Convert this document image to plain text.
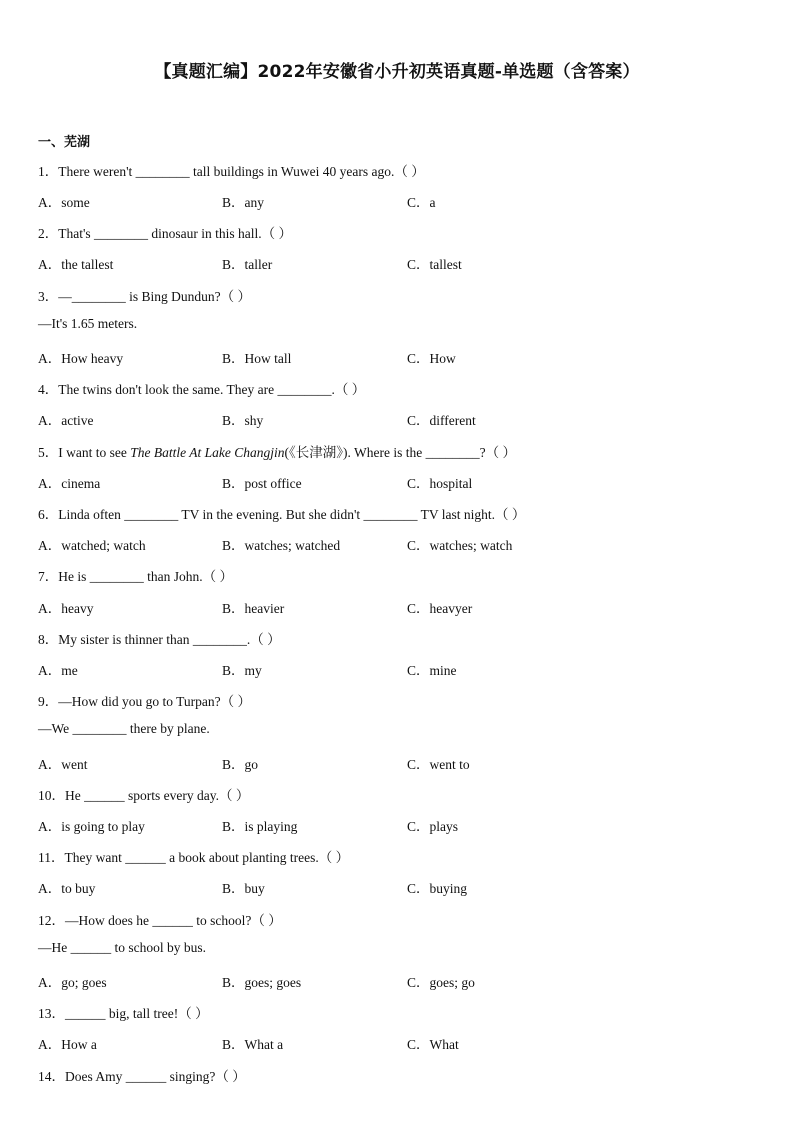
【真题汇编】2022年安徽省小升初英语真题-单选题（含答案）
一、芜湖
1．There weren't ________ tall buildings in Wuwei 40 years ago.（ ）
A．some	B．any	C．a
2．That's ________ dinosaur in this hall.（ ）
A．the tallest	B．taller	C．tallest
3．—________ is Bing Dundun?（ ）
—It's 1.65 meters.
A．How heavy	B．How tall	C．How
4．The twins don't look the same. They are ________.（ ）
A．active	B．shy	C．different
5．I want to see The Battle At Lake Changjin(《长津湖》). Where is the ________?（ ）
A．cinema	B．post office	C．hospital
6．Linda often ________ TV in the evening. But she didn't ________ TV last night.（ ）
A．watched; watch	B．watches; watched	C．watches; watch
7．He is ________ than John.（ ）
A．heavy	B．heavier	C．heavyer
8．My sister is thinner than ________.（ ）
A．me	B．my	C．mine
9．—How did you go to Turpan?（ ）
—We ________ there by plane.
A．went	B．go	C．went to
10．He ______ sports every day.（ ）
A．is going to play	B．is playing	C．plays
11．They want ______ a book about planting trees.（ ）
A．to buy	B．buy	C．buying
12．—How does he ______ to school?（ ）
—He ______ to school by bus.
A．go; goes	B．goes; goes	C．goes; go
13．______ big, tall tree!（ ）
A．How a	B．What a	C．What
14．Does Amy ______ singing?（ ）
